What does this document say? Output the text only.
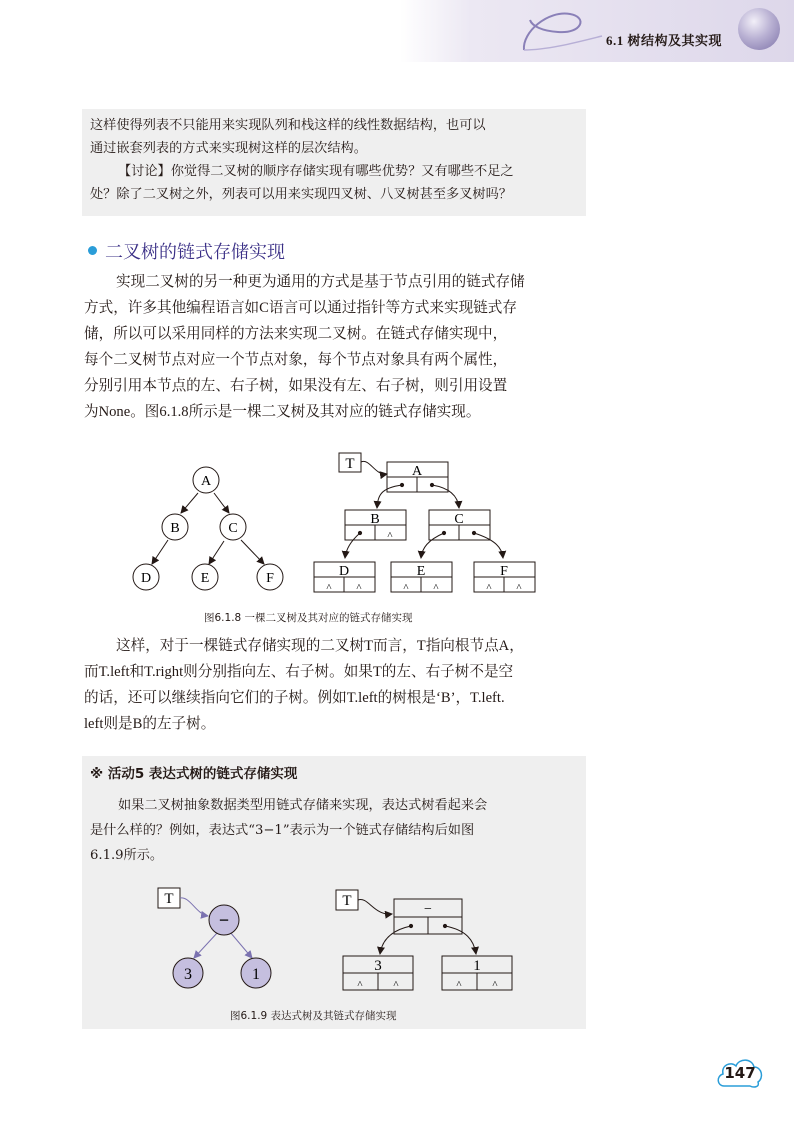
6.1 树结构及其实现
这样使得列表不只能用来实现队列和栈这样的线性数据结构，也可以
通过嵌套列表的方式来实现树这样的层次结构。
【讨论】你觉得二叉树的顺序存储实现有哪些优势？又有哪些不足之
处？除了二叉树之外，列表可以用来实现四叉树、八叉树甚至多叉树吗？
二叉树的链式存储实现
实现二叉树的另一种更为通用的方式是基于节点引用的链式存储
方式，许多其他编程语言如C语言可以通过指针等方式来实现链式存
储，所以可以采用同样的方法来实现二叉树。在链式存储实现中，
每个二叉树节点对应一个节点对象，每个节点对象具有两个属性，
分别引用本节点的左、右子树，如果没有左、右子树，则引用设置
为None。图6.1.8所示是一棵二叉树及其对应的链式存储实现。
A
B	C
D	E	F
T	A
B
^
C
D
^ ^
E
^ ^
F
^ ^
图6.1.8 一棵二叉树及其对应的链式存储实现
这样，对于一棵链式存储实现的二叉树T而言，T指向根节点A，
而T.left和T.right则分别指向左、右子树。如果T的左、右子树不是空
的话，还可以继续指向它们的子树。例如T.left的树根是‘B’，T.left.
left则是B的左子树。
※ 活动5 表达式树的链式存储实现
如果二叉树抽象数据类型用链式存储来实现，表达式树看起来会
是什么样的？例如，表达式“3−1”表示为一个链式存储结构后如图
6.1.9所示。
T
−
3	1
T
−
3
^	^
1
^	^
图6.1.9 表达式树及其链式存储实现
147
